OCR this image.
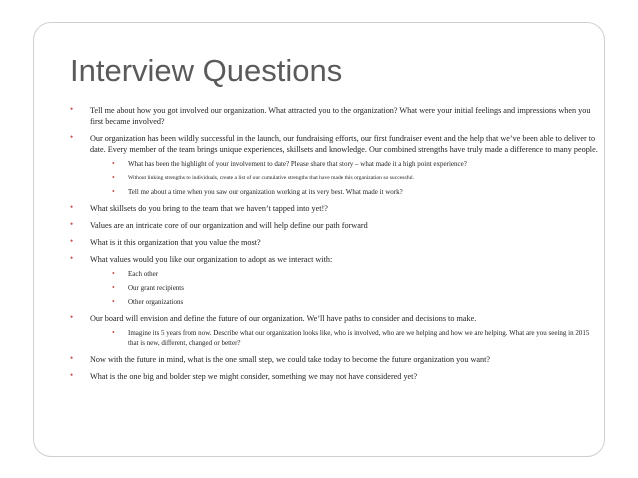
Interview Questions
• Tell me about how you got involved our organization. What attracted you to the organization? What were your initial feelings and impressions when you first became involved?
• Our organization has been wildly successful in the launch, our fundraising efforts, our first fundraiser event and the help that we’ve been able to deliver to date. Every member of the team brings unique experiences, skillsets and knowledge. Our combined strengths have truly made a difference to many people.
• What has been the highlight of your involvement to date? Please share that story – what made it a high point experience?
• Without linking strengths to individuals, create a list of our cumulative strengths that have made this organization so successful.
• Tell me about a time when you saw our organization working at its very best. What made it work?
• What skillsets do you bring to the team that we haven’t tapped into yet!?
• Values are an intricate core of our organization and will help define our path forward
• What is it this organization that you value the most?
• What values would you like our organization to adopt as we interact with:
• Each other
• Our grant recipients
• Other organizations
• Our board will envision and define the future of our organization. We’ll have paths to consider and decisions to make.
• Imagine its 5 years from now. Describe what our organization looks like, who is involved, who are we helping and how we are helping. What are you seeing in 2015 that is new, different, changed or better?
• Now with the future in mind, what is the one small step, we could take today to become the future organization you want?
• What is the one big and bolder step we might consider, something we may not have considered yet?
